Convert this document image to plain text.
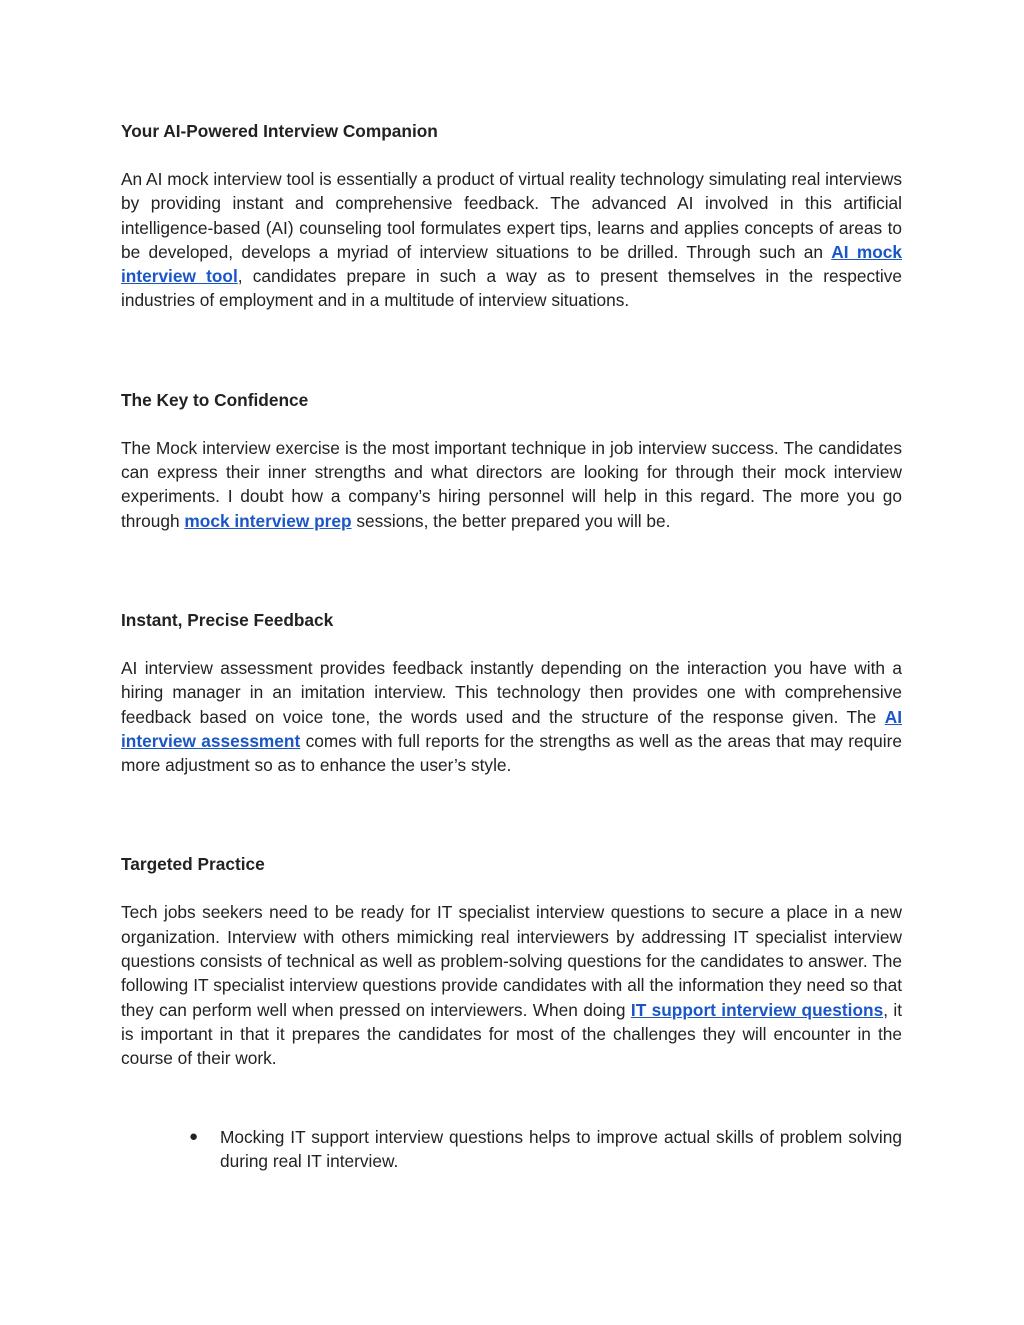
Your AI-Powered Interview Companion

An AI mock interview tool is essentially a product of virtual reality technology simulating real interviews by providing instant and comprehensive feedback. The advanced AI involved in this artificial intelligence-based (AI) counseling tool formulates expert tips, learns and applies concepts of areas to be developed, develops a myriad of interview situations to be drilled. Through such an AI mock interview tool, candidates prepare in such a way as to present themselves in the respective industries of employment and in a multitude of interview situations.

The Key to Confidence

The Mock interview exercise is the most important technique in job interview success. The candidates can express their inner strengths and what directors are looking for through their mock interview experiments. I doubt how a company’s hiring personnel will help in this regard. The more you go through mock interview prep sessions, the better prepared you will be.

Instant, Precise Feedback

AI interview assessment provides feedback instantly depending on the interaction you have with a hiring manager in an imitation interview. This technology then provides one with comprehensive feedback based on voice tone, the words used and the structure of the response given. The AI interview assessment comes with full reports for the strengths as well as the areas that may require more adjustment so as to enhance the user’s style.

Targeted Practice

Tech jobs seekers need to be ready for IT specialist interview questions to secure a place in a new organization. Interview with others mimicking real interviewers by addressing IT specialist interview questions consists of technical as well as problem-solving questions for the candidates to answer. The following IT specialist interview questions provide candidates with all the information they need so that they can perform well when pressed on interviewers. When doing IT support interview questions, it is important in that it prepares the candidates for most of the challenges they will encounter in the course of their work.

● Mocking IT support interview questions helps to improve actual skills of problem solving during real IT interview.
